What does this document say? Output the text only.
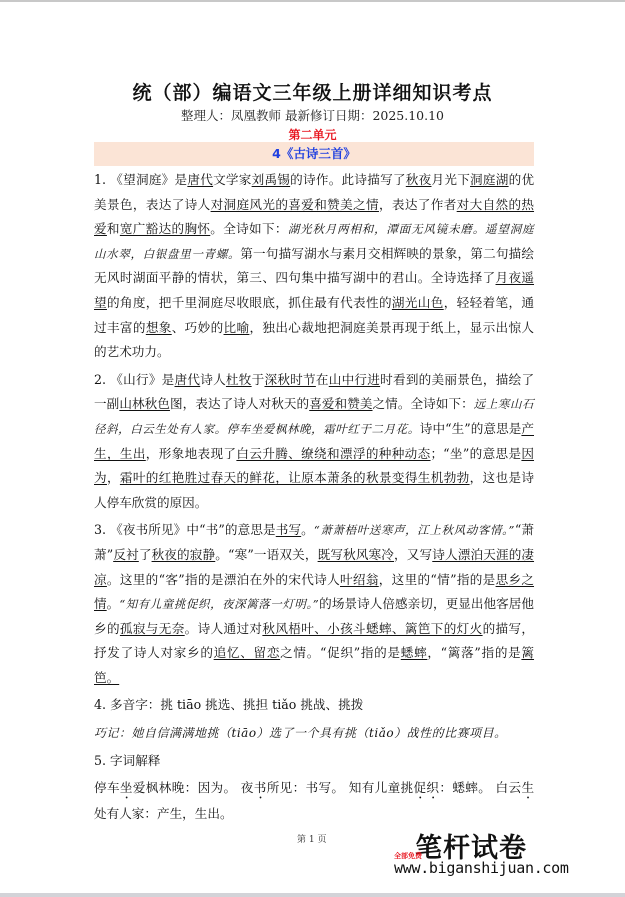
统（部）编语文三年级上册详细知识考点
整理人：凤凰教师 最新修订日期：2025.10.10
第二单元
4《古诗三首》

1. 《望洞庭》是唐代文学家刘禹锡的诗作。此诗描写了秋夜月光下洞庭湖的优美景色，表达了诗人对洞庭风光的喜爱和赞美之情，表达了作者对大自然的热爱和宽广豁达的胸怀。全诗如下：湖光秋月两相和，潭面无风镜未磨。遥望洞庭山水翠，白银盘里一青螺。第一句描写湖水与素月交相辉映的景象，第二句描绘无风时湖面平静的情状，第三、四句集中描写湖中的君山。全诗选择了月夜遥望的角度，把千里洞庭尽收眼底，抓住最有代表性的湖光山色，轻轻着笔，通过丰富的想象、巧妙的比喻，独出心裁地把洞庭美景再现于纸上，显示出惊人的艺术功力。

2. 《山行》是唐代诗人杜牧于深秋时节在山中行进时看到的美丽景色，描绘了一副山林秋色图，表达了诗人对秋天的喜爱和赞美之情。全诗如下：远上寒山石径斜，白云生处有人家。停车坐爱枫林晚，霜叶红于二月花。诗中“生”的意思是产生，生出，形象地表现了白云升腾、缭绕和漂浮的种种动态；“坐”的意思是因为，霜叶的红艳胜过春天的鲜花，让原本萧条的秋景变得生机勃勃，这也是诗人停车欣赏的原因。

3. 《夜书所见》中“书”的意思是书写。“萧萧梧叶送寒声，江上秋风动客情。”“萧萧”反衬了秋夜的寂静。“寒”一语双关，既写秋风寒冷，又写诗人漂泊天涯的凄凉。这里的“客”指的是漂泊在外的宋代诗人叶绍翁，这里的“情”指的是思乡之情。“知有儿童挑促织，夜深篱落一灯明。”的场景诗人倍感亲切，更显出他客居他乡的孤寂与无奈。诗人通过对秋风梧叶、小孩斗蟋蟀、篱笆下的灯火的描写，抒发了诗人对家乡的追忆、留恋之情。“促织”指的是蟋蟀，“篱落”指的是篱笆。

4. 多音字：挑 tiāo 挑选、挑担 tiǎo 挑战、挑拨

巧记：她自信满满地挑（tiāo）选了一个具有挑（tiǎo）战性的比赛项目。

5. 字词解释

停车坐爱枫林晚：因为。 夜书所见：书写。 知有儿童挑促织：蟋蟀。 白云生处有人家：产生，生出。

第 1 页	笔杆试卷
全部免费
www.biganshijuan.com
